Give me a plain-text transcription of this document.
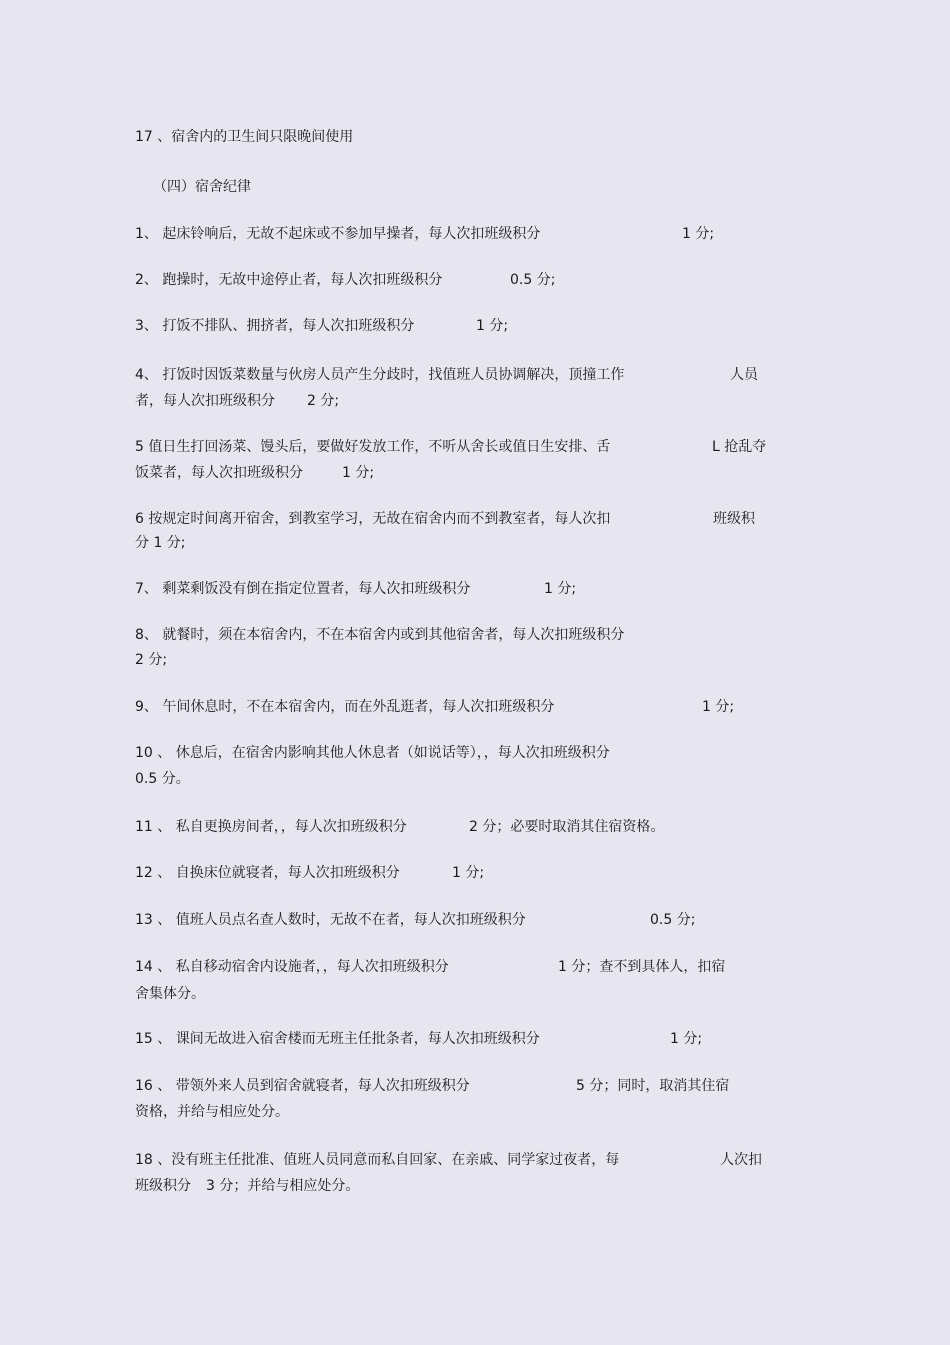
17 、宿舍内的卫生间只限晚间使用
（四）宿舍纪律
1、 起床铃响后，无故不起床或不参加早操者，每人次扣班级积分	1 分;
2、 跑操时，无故中途停止者，每人次扣班级积分	0.5 分;
3、 打饭不排队、拥挤者，每人次扣班级积分	1 分;
4、 打饭时因饭菜数量与伙房人员产生分歧时，找值班人员协调解决，顶撞工作	人员
者，每人次扣班级积分 2 分;
5 值日生打回汤菜、馒头后，要做好发放工作，不听从舍长或值日生安排、舌	L 抢乱夺
饭菜者，每人次扣班级积分	1 分;
6 按规定时间离开宿舍，到教室学习，无故在宿舍内而不到教室者，每人次扣	班级积
分 1 分;
7、 剩菜剩饭没有倒在指定位置者，每人次扣班级积分	1 分;
8、 就餐时，须在本宿舍内，不在本宿舍内或到其他宿舍者，每人次扣班级积分
2 分;
9、 午间休息时，不在本宿舍内，而在外乱逛者，每人次扣班级积分	1 分;
10 、 休息后，在宿舍内影响其他人休息者（如说话等），，每人次扣班级积分
0.5 分。
11 、 私自更换房间者，，每人次扣班级积分	2 分；必要时取消其住宿资格。
12 、 自换床位就寝者，每人次扣班级积分	1 分;
13 、 值班人员点名查人数时，无故不在者，每人次扣班级积分	0.5 分;
14 、 私自移动宿舍内设施者，，每人次扣班级积分	1 分；查不到具体人，扣宿
舍集体分。
15 、 课间无故进入宿舍楼而无班主任批条者，每人次扣班级积分	1 分;
16 、 带领外来人员到宿舍就寝者，每人次扣班级积分	5 分；同时，取消其住宿
资格，并给与相应处分。
18 、没有班主任批准、值班人员同意而私自回家、在亲戚、同学家过夜者，每	人次扣
班级积分 3 分；并给与相应处分。
